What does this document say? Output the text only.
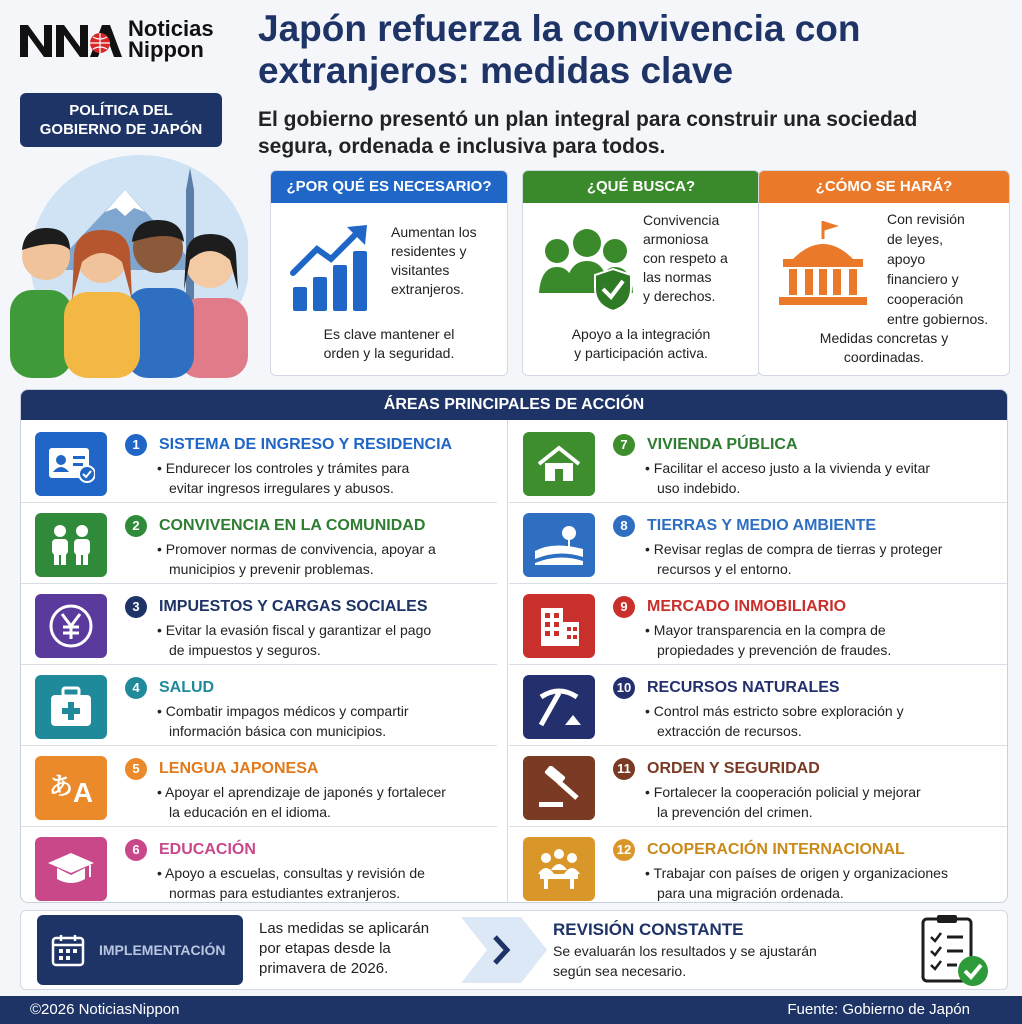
Noticias
Nippon
POLÍTICA DEL
GOBIERNO DE JAPÓN
Japón refuerza la convivencia con
extranjeros: medidas clave
El gobierno presentó un plan integral para construir una sociedad
segura, ordenada e inclusiva para todos.
¿POR QUÉ ES NECESARIO?
Aumentan los
residentes y
visitantes
extranjeros.
Es clave mantener el
orden y la seguridad.
¿QUÉ BUSCA?
Convivencia
armoniosa
con respeto a
las normas
y derechos.
Apoyo a la integración
y participación activa.
¿CÓMO SE HARÁ?
Con revisión
de leyes,
apoyo
financiero y
cooperación
entre gobiernos.
Medidas concretas y
coordinadas.
ÁREAS PRINCIPALES DE ACCIÓN
1	SISTEMA DE INGRESO Y RESIDENCIA
• Endurecer los controles y trámites para
evitar ingresos irregulares y abusos.
2	CONVIVENCIA EN LA COMUNIDAD
• Promover normas de convivencia, apoyar a
municipios y prevenir problemas.
3	IMPUESTOS Y CARGAS SOCIALES
• Evitar la evasión fiscal y garantizar el pago
de impuestos y seguros.
4	SALUD
• Combatir impagos médicos y compartir
información básica con municipios.
あ A
5	LENGUA JAPONESA
• Apoyar el aprendizaje de japonés y fortalecer
la educación en el idioma.
6	EDUCACIÓN
• Apoyo a escuelas, consultas y revisión de
normas para estudiantes extranjeros.
7	VIVIENDA PÚBLICA
• Facilitar el acceso justo a la vivienda y evitar
uso indebido.
8	TIERRAS Y MEDIO AMBIENTE
• Revisar reglas de compra de tierras y proteger
recursos y el entorno.
9	MERCADO INMOBILIARIO
• Mayor transparencia en la compra de
propiedades y prevención de fraudes.
10 RECURSOS NATURALES
• Control más estricto sobre exploración y
extracción de recursos.
11 ORDEN Y SEGURIDAD
• Fortalecer la cooperación policial y mejorar
la prevención del crimen.
12 COOPERACIÓN INTERNACIONAL
• Trabajar con países de origen y organizaciones
para una migración ordenada.
IMPLEMENTACIÓN
Las medidas se aplicarán
por etapas desde la
primavera de 2026.
REVISIÓN CONSTANTE
Se evaluarán los resultados y se ajustarán
según sea necesario.
©2026 NoticiasNippon	Fuente: Gobierno de Japón
